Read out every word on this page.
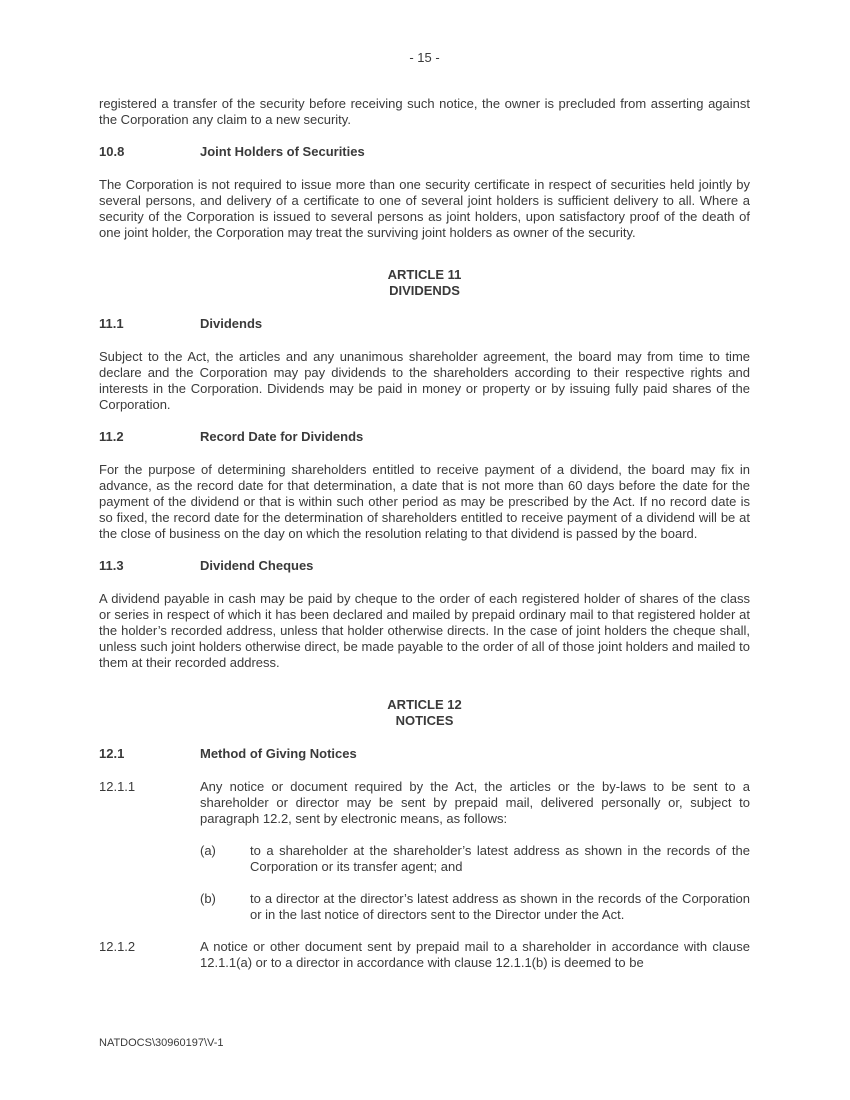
- 15 -

registered a transfer of the security before receiving such notice, the owner is precluded from asserting against the Corporation any claim to a new security.

10.8	Joint Holders of Securities

The Corporation is not required to issue more than one security certificate in respect of securities held jointly by several persons, and delivery of a certificate to one of several joint holders is sufficient delivery to all. Where a security of the Corporation is issued to several persons as joint holders, upon satisfactory proof of the death of one joint holder, the Corporation may treat the surviving joint holders as owner of the security.

ARTICLE 11
DIVIDENDS
11.1	Dividends

Subject to the Act, the articles and any unanimous shareholder agreement, the board may from time to time declare and the Corporation may pay dividends to the shareholders according to their respective rights and interests in the Corporation. Dividends may be paid in money or property or by issuing fully paid shares of the Corporation.

11.2	Record Date for Dividends

For the purpose of determining shareholders entitled to receive payment of a dividend, the board may fix in advance, as the record date for that determination, a date that is not more than 60 days before the date for the payment of the dividend or that is within such other period as may be prescribed by the Act. If no record date is so fixed, the record date for the determination of shareholders entitled to receive payment of a dividend will be at the close of business on the day on which the resolution relating to that dividend is passed by the board.

11.3	Dividend Cheques

A dividend payable in cash may be paid by cheque to the order of each registered holder of shares of the class or series in respect of which it has been declared and mailed by prepaid ordinary mail to that registered holder at the holder’s recorded address, unless that holder otherwise directs. In the case of joint holders the cheque shall, unless such joint holders otherwise direct, be made payable to the order of all of those joint holders and mailed to them at their recorded address.

ARTICLE 12
NOTICES
12.1	Method of Giving Notices
12.1.1	Any notice or document required by the Act, the articles or the by-laws to be sent to a shareholder or director may be sent by prepaid mail, delivered personally or, subject to paragraph 12.2, sent by electronic means, as follows:
(a)	to a shareholder at the shareholder’s latest address as shown in the records of the Corporation or its transfer agent; and
(b)	to a director at the director’s latest address as shown in the records of the Corporation or in the last notice of directors sent to the Director under the Act.
12.1.2	A notice or other document sent by prepaid mail to a shareholder in accordance with clause 12.1.1(a) or to a director in accordance with clause 12.1.1(b) is deemed to be
NATDOCS\30960197\V-1
